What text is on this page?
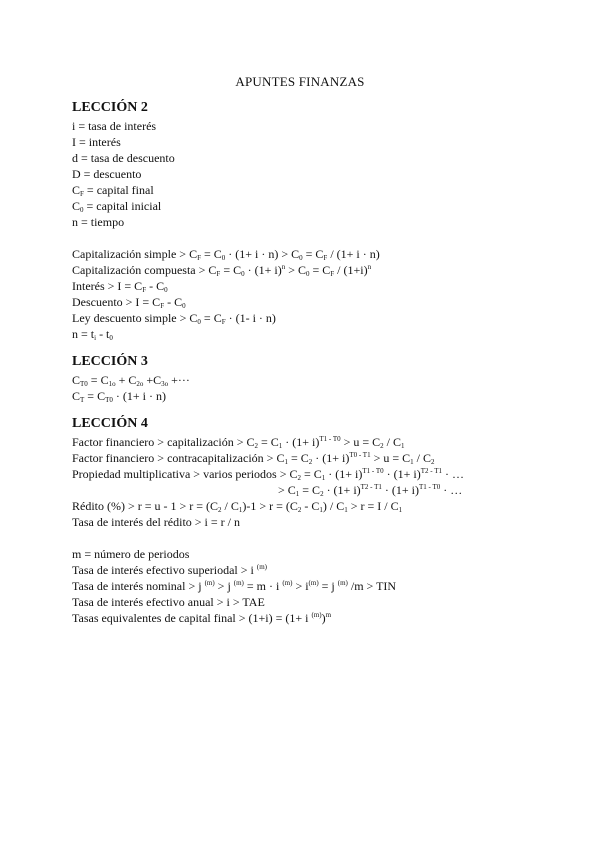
APUNTES FINANZAS
LECCIÓN 2
i = tasa de interés
I = interés
d = tasa de descuento
D = descuento
$C_F$ = capital final
$C_0$ = capital inicial
n = tiempo
Capitalización simple > $C_F = C_0 \cdot (1+ i \cdot n) > C_0 = C_F / (1+ i \cdot n)$
Capitalización compuesta > $C_F = C_0 \cdot (1+ i)^n > C_0 = C_F / (1+i)^n$
Interés > $I = C_F - C_0$
Descuento > $I = C_F - C_0$
Ley descuento simple > $C_0 = C_F \cdot (1-$ i · n)
$n = t_i - t_0$
LECCIÓN 3
$C_{T0} = C_{1o} + C_{2o} +C_{3o}$ +···
$C_T = C_{T0} \cdot (1+ i \cdot n)$
LECCIÓN 4
Factor financiero > capitalización > $C_2 = C_1 \cdot (1+ i)^{T1 - T0} > u = C_2 / C_1$
Factor financiero > contracapitalización > $C_1 = C_2 \cdot (1+ i)^{T0 - T1} > u = C_1 / C_2$
Propiedad multiplicativa > varios periodos > $C_2 = C_1 \cdot (1+ i)^{T1 - T0} \cdot (1+ i)^{T2 - T1}$ · …
> $C_1 = C_2 \cdot (1+ i)^{T2 - T1} \cdot (1+ i)^{T1 - T0}$ · …
Rédito (%) > $r = u - 1 > r = (C_2 / C_1)-1 > r = (C_2 - C_1) / C_1 > r = I / C_1$
Tasa de interés del rédito > i = r / n
m = número de periodos
Tasa de interés efectivo superiodal > i $^{(m)}$
Tasa de interés nominal > j $^{(m)}$ > j $^{(m)}$ = m · i $^{(m)} > i^{(m)} = j$ $^{(m)}$ /m > TIN
Tasa de interés efectivo anual > i > TAE
Tasas equivalentes de capital final > (1+i) = (1+ i $^{(m)}$)$^m$
